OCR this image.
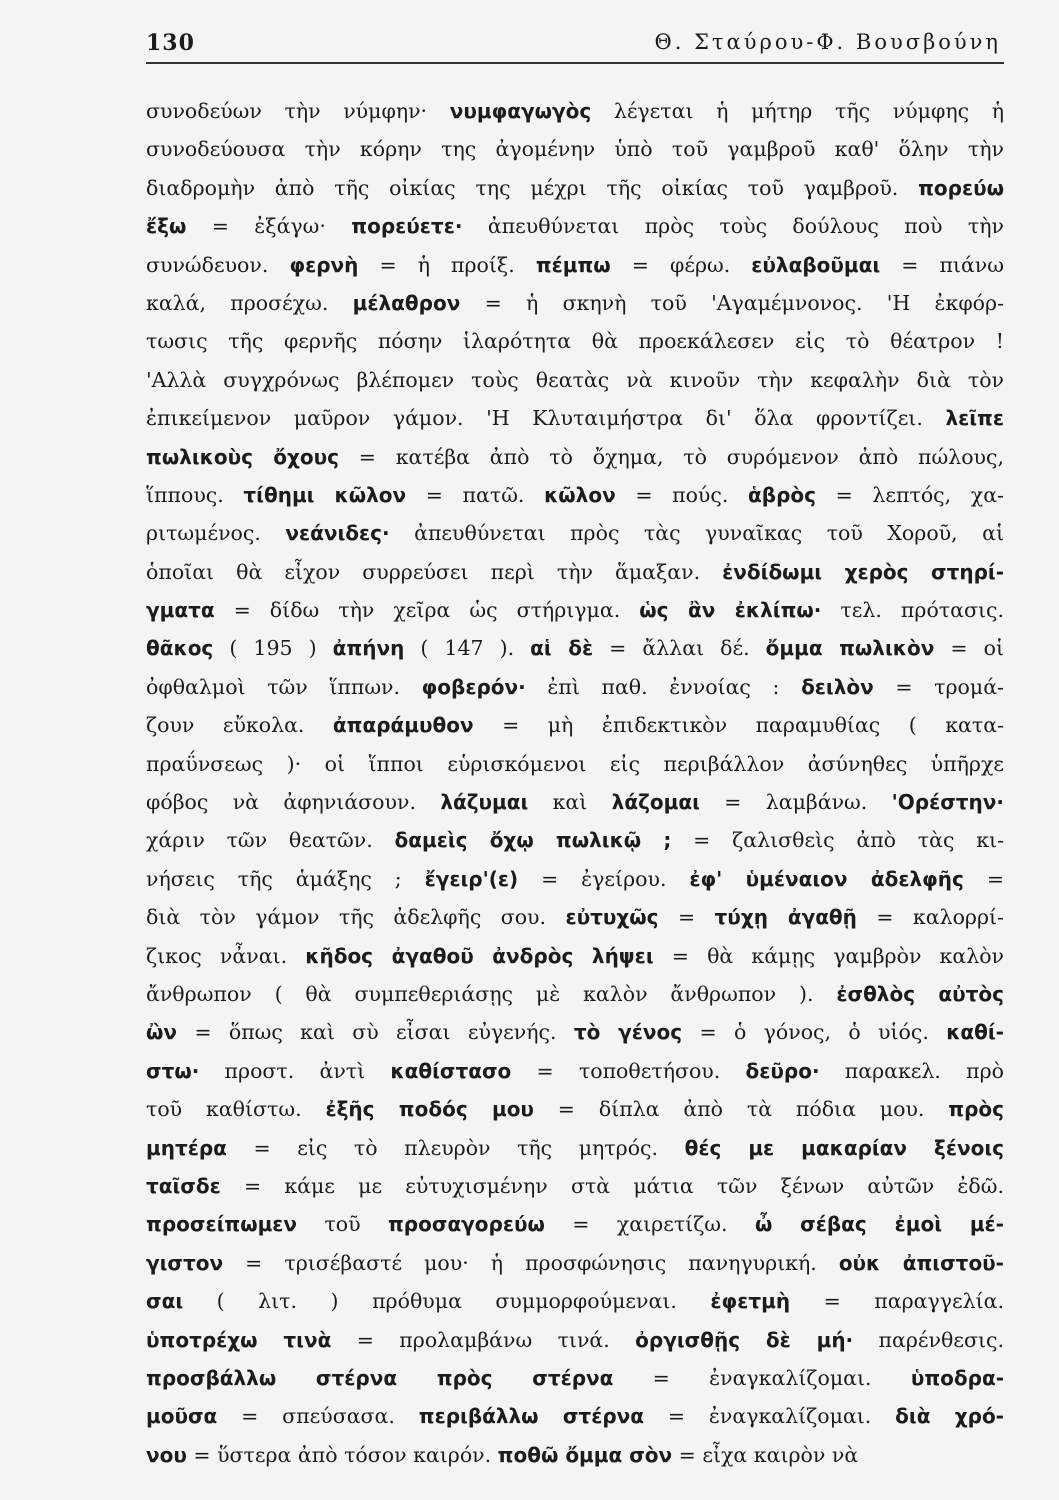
130	Θ. Σταύρου-Φ. Βουσβούνη
συνοδεύων τὴν νύμφην· νυμφαγωγὸς λέγεται ἡ μήτηρ τῆς νύμφης ἡ
συνοδεύουσα τὴν κόρην της ἀγομένην ὑπὸ τοῦ γαμβροῦ καθ' ὅλην τὴν
διαδρομὴν ἀπὸ τῆς οἰκίας της μέχρι τῆς οἰκίας τοῦ γαμβροῦ. πορεύω
ἔξω = ἐξάγω· πορεύετε· ἀπευθύνεται πρὸς τοὺς δούλους ποὺ τὴν
συνώδευον. φερνὴ = ἡ προίξ. πέμπω = φέρω. εὐλαβοῦμαι = πιάνω
καλά, προσέχω. μέλαθρον = ἡ σκηνὴ τοῦ 'Αγαμέμνονος. 'Η ἐκφόρ-
τωσις τῆς φερνῆς πόσην ἱλαρότητα θὰ προεκάλεσεν εἰς τὸ θέατρον !
'Αλλὰ συγχρόνως βλέπομεν τοὺς θεατὰς νὰ κινοῦν τὴν κεφαλὴν διὰ τὸν
ἐπικείμενον μαῦρον γάμον. 'Η Κλυταιμήστρα δι' ὅλα φροντίζει. λεῖπε
πωλικοὺς ὄχους = κατέβα ἀπὸ τὸ ὄχημα, τὸ συρόμενον ἀπὸ πώλους,
ἵππους. τίθημι κῶλον = πατῶ. κῶλον = πούς. ἁβρὸς = λεπτός, χα-
ριτωμένος. νεάνιδες· ἀπευθύνεται πρὸς τὰς γυναῖκας τοῦ Χοροῦ, αἱ
ὁποῖαι θὰ εἶχον συρρεύσει περὶ τὴν ἅμαξαν. ἐνδίδωμι χερὸς στηρί-
γματα = δίδω τὴν χεῖρα ὡς στήριγμα. ὡς ἂν ἐκλίπω· τελ. πρότασις.
θᾶκος ( 195 ) ἀπήνη ( 147 ). αἱ δὲ = ἄλλαι δέ. ὄμμα πωλικὸν = οἱ
ὀφθαλμοὶ τῶν ἵππων. φοβερόν· ἐπὶ παθ. ἐννοίας : δειλὸν = τρομά-
ζουν εὔκολα. ἀπαράμυθον = μὴ ἐπιδεκτικὸν παραμυθίας ( κατα-
πραΰνσεως )· οἱ ἵπποι εὑρισκόμενοι εἰς περιβάλλον ἀσύνηθες ὑπῆρχε
φόβος νὰ ἀφηνιάσουν. λάζυμαι καὶ λάζομαι = λαμβάνω. 'Ορέστην·
χάριν τῶν θεατῶν. δαμεὶς ὄχῳ πωλικῷ ; = ζαλισθεὶς ἀπὸ τὰς κι-
νήσεις τῆς ἁμάξης ; ἔγειρ'(ε) = ἐγείρου. ἐφ' ὑμέναιον ἀδελφῆς =
διὰ τὸν γάμον τῆς ἀδελφῆς σου. εὐτυχῶς = τύχῃ ἀγαθῇ = καλορρί-
ζικος νἆναι. κῆδος ἀγαθοῦ ἀνδρὸς λήψει = θὰ κάμῃς γαμβρὸν καλὸν
ἄνθρωπον ( θὰ συμπεθεριάσῃς μὲ καλὸν ἄνθρωπον ). ἐσθλὸς αὐτὸς
ὢν = ὅπως καὶ σὺ εἶσαι εὐγενής. τὸ γένος = ὁ γόνος, ὁ υἱός. καθί-
στω· προστ. ἀντὶ καθίστασο = τοποθετήσου. δεῦρο· παρακελ. πρὸ
τοῦ καθίστω. ἐξῆς ποδός μου = δίπλα ἀπὸ τὰ πόδια μου. πρὸς
μητέρα = εἰς τὸ πλευρὸν τῆς μητρός. θές με μακαρίαν ξένοις
ταῖσδε = κάμε με εὐτυχισμένην στὰ μάτια τῶν ξένων αὐτῶν ἐδῶ.
προσείπωμεν τοῦ προσαγορεύω = χαιρετίζω. ὦ σέβας ἐμοὶ μέ-
γιστον = τρισέβαστέ μου· ἡ προσφώνησις πανηγυρική. οὐκ ἀπιστοῦ-
σαι ( λιτ. ) πρόθυμα συμμορφούμεναι. ἐφετμὴ = παραγγελία.
ὑποτρέχω τινὰ = προλαμβάνω τινά. ὀργισθῇς δὲ μή· παρένθεσις.
προσβάλλω στέρνα πρὸς στέρνα = ἐναγκαλίζομαι. ὑποδρα-
μοῦσα = σπεύσασα. περιβάλλω στέρνα = ἐναγκαλίζομαι. διὰ χρό-
νου = ὕστερα ἀπὸ τόσον καιρόν. ποθῶ ὄμμα σὸν = εἶχα καιρὸν νὰ
